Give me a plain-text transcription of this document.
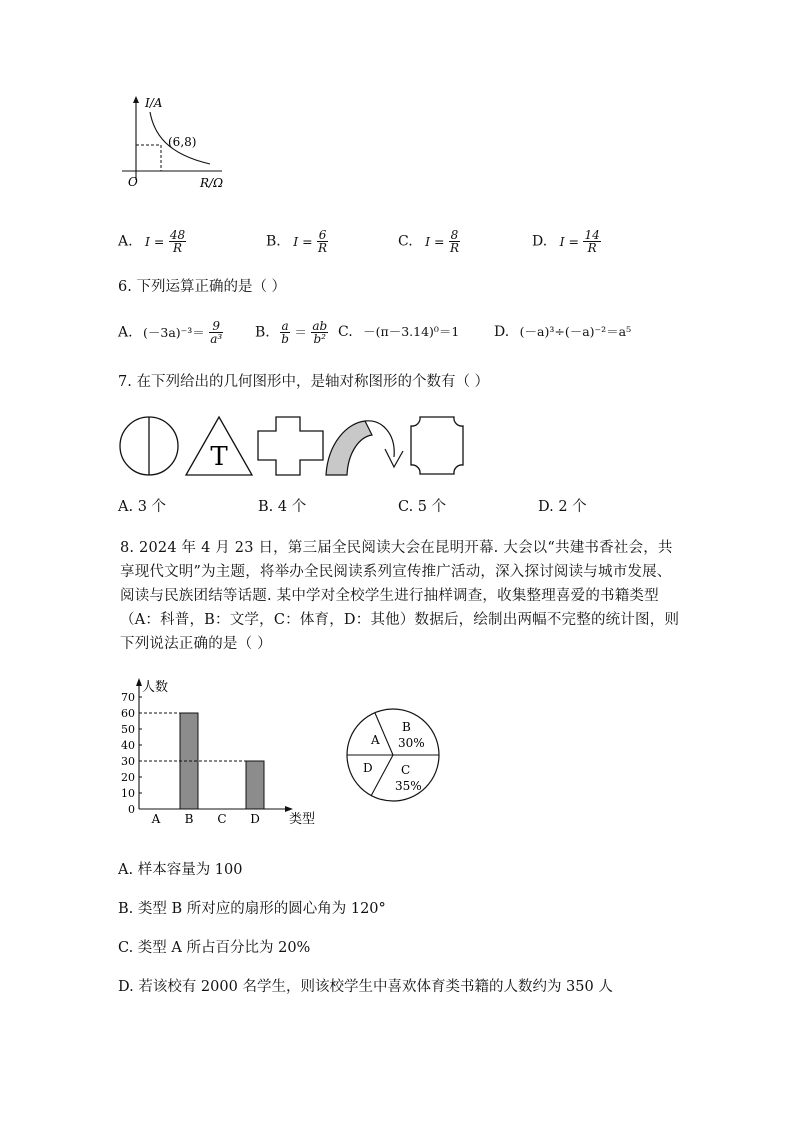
I/A
(6,8)
O	R/Ω
A. $I = \frac{48}{R}$	B. $I = \frac{6}{R}$	C. $I = \frac{8}{R}$	D. $I = \frac{14}{R}$
6. 下列运算正确的是（ ）
A. $(-3a)^{-3}= \frac{9}{\text{a³}} B$. $\frac{a}{b} = \frac{ab}{\text{b²}} C$. －(π－3.14)⁰＝1 D. (－a)³÷(－a)⁻²＝a⁵
7. 在下列给出的几何图形中，是轴对称图形的个数有（ ）
T
A. 3 个	B. 4 个	C. 5 个	D. 2 个
8. 2024 年 4 月 23 日，第三届全民阅读大会在昆明开幕. 大会以“共建书香社会，共享现代文明”为主题，将举办全民阅读系列宣传推广活动，深入探讨阅读与城市发展、阅读与民族团结等话题. 某中学对全校学生进行抽样调查，收集整理喜爱的书籍类型（A：科普，B：文学，C：体育，D：其他）数据后，绘制出两幅不完整的统计图，则下列说法正确的是（ ）
人数
类型
0
10
20
30
40
50
60
70
A B C D
A
B
30%
C
35%
D
A. 样本容量为 100
B. 类型 B 所对应的扇形的圆心角为 120°
C. 类型 A 所占百分比为 20%
D. 若该校有 2000 名学生，则该校学生中喜欢体育类书籍的人数约为 350 人
